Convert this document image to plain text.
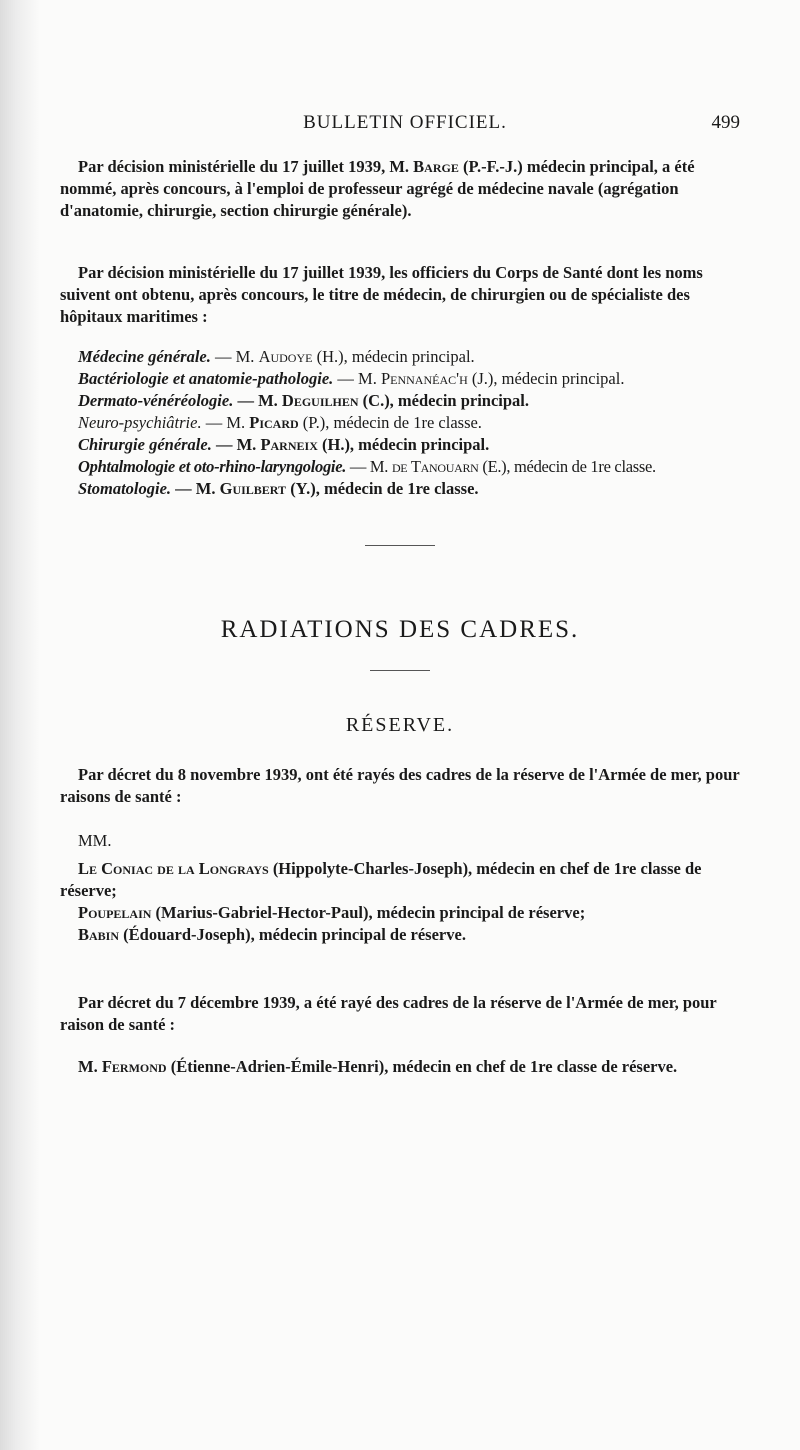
BULLETIN OFFICIEL.	499

Par décision ministérielle du 17 juillet 1939, M. Barge (P.-F.-J.) médecin principal, a été nommé, après concours, à l'emploi de professeur agrégé de médecine navale (agrégation d'anatomie, chirurgie, section chirurgie générale).

Par décision ministérielle du 17 juillet 1939, les officiers du Corps de Santé dont les noms suivent ont obtenu, après concours, le titre de médecin, de chirurgien ou de spécialiste des hôpitaux maritimes :

Médecine générale. — M. Audoye (H.), médecin principal.

Bactériologie et anatomie-pathologie. — M. Pennanéac'h (J.), médecin principal.

Dermato-vénéréologie. — M. Deguilhen (C.), médecin principal.

Neuro-psychiâtrie. — M. Picard (P.), médecin de 1re classe.

Chirurgie générale. — M. Parneix (H.), médecin principal.

Ophtalmologie et oto-rhino-laryngologie. — M. de Tanouarn (E.), médecin de 1re classe.

Stomatologie. — M. Guilbert (Y.), médecin de 1re classe.

RADIATIONS DES CADRES.
RÉSERVE.

Par décret du 8 novembre 1939, ont été rayés des cadres de la réserve de l'Armée de mer, pour raisons de santé :

MM.

Le Coniac de la Longrays (Hippolyte-Charles-Joseph), médecin en chef de 1re classe de réserve;

Poupelain (Marius-Gabriel-Hector-Paul), médecin principal de réserve;

Babin (Édouard-Joseph), médecin principal de réserve.

Par décret du 7 décembre 1939, a été rayé des cadres de la réserve de l'Armée de mer, pour raison de santé :

M. Fermond (Étienne-Adrien-Émile-Henri), médecin en chef de 1re classe de réserve.
